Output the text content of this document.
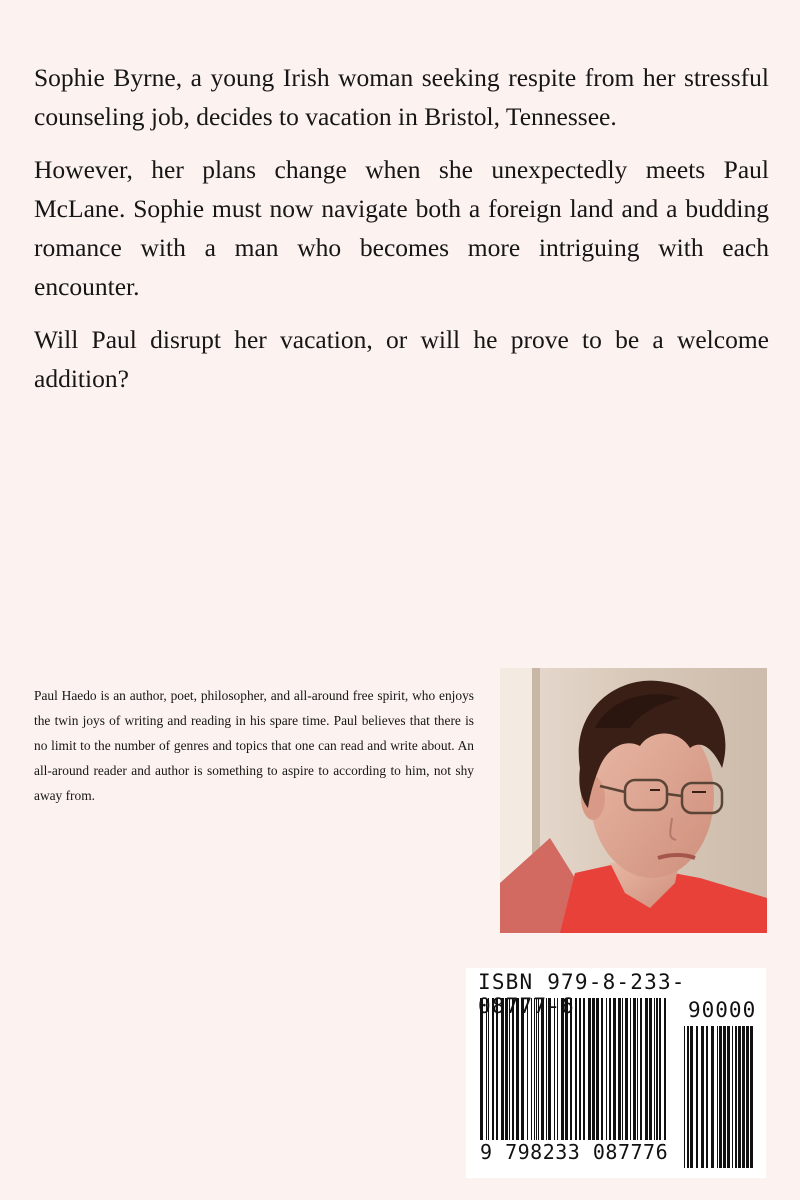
Sophie Byrne, a young Irish woman seeking respite from her stressful counseling job, decides to vacation in Bristol, Tennessee.

However, her plans change when she unexpectedly meets Paul McLane. Sophie must now navigate both a foreign land and a budding romance with a man who becomes more intriguing with each encounter.

Will Paul disrupt her vacation, or will he prove to be a welcome addition?

Paul Haedo is an author, poet, philosopher, and all-around free spirit, who enjoys the twin joys of writing and reading in his spare time. Paul believes that there is no limit to the number of genres and topics that one can read and write about. An all-around reader and author is something to aspire to according to him, not shy away from.

ISBN 979-8-233-08777-6	90000
9 798233 087776
